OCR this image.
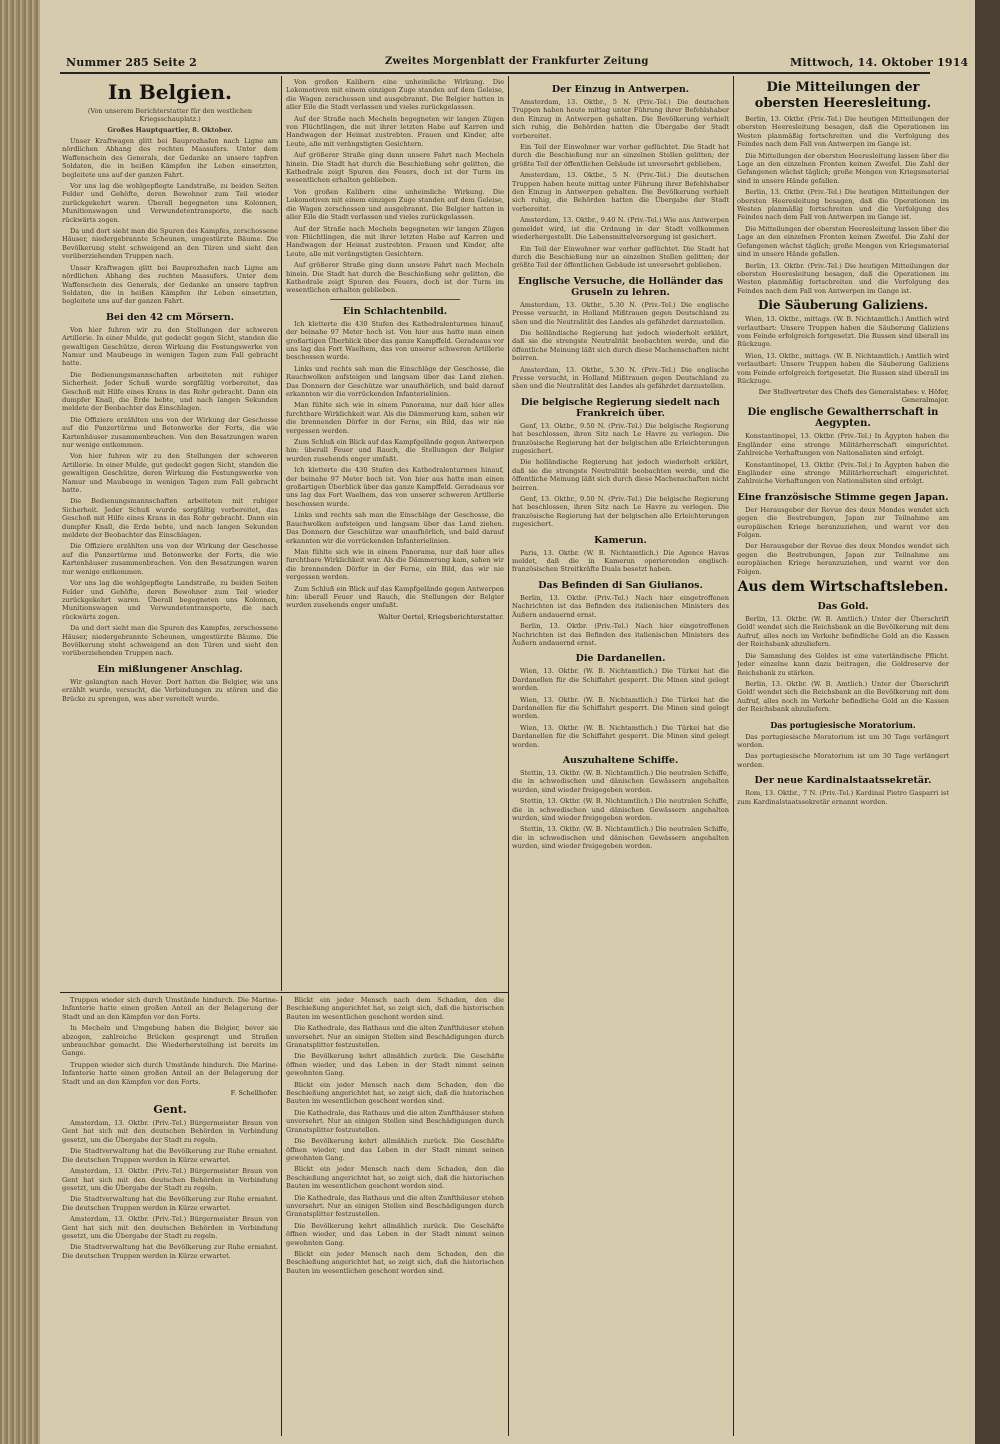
Nummer 285 Seite 2	Zweites Morgenblatt der Frankfurter Zeitung	Mittwoch, 14. Oktober 1914
In Belgien.
(Von unserem Berichterstatter für den westlichen Kriegsschauplatz.)
Großes Hauptquartier, 8. Oktober.

Unser Kraftwagen glitt bei Bauprozhafen nach Ligne am nördlichen Abhang des rechten Maasufers. Unter dem Waffenschein des Generals, der Gedanke an unsere tapfren Soldaten, die in heißen Kämpfen ihr Leben einsetzten, begleitete uns auf der ganzen Fahrt.

Vor uns lag die wohlgepflegte Landstraße, zu beiden Seiten Felder und Gehöfte, deren Bewohner zum Teil wieder zurückgekehrt waren. Überall begegneten uns Kolonnen, Munitionswagen und Verwundetentransporte, die nach rückwärts zogen.

Da und dort sieht man die Spuren des Kampfes, zerschossene Häuser, niedergebrannte Scheunen, umgestürzte Bäume. Die Bevölkerung steht schweigend an den Türen und sieht den vorüberziehenden Truppen nach.

Unser Kraftwagen glitt bei Bauprozhafen nach Ligne am nördlichen Abhang des rechten Maasufers. Unter dem Waffenschein des Generals, der Gedanke an unsere tapfren Soldaten, die in heißen Kämpfen ihr Leben einsetzten, begleitete uns auf der ganzen Fahrt.

Bei den 42 cm Mörsern.

Von hier fuhren wir zu den Stellungen der schweren Artillerie. In einer Mulde, gut gedeckt gegen Sicht, standen die gewaltigen Geschütze, deren Wirkung die Festungswerke von Namur und Maubeuge in wenigen Tagen zum Fall gebracht hatte.

Die Bedienungsmannschaften arbeiteten mit ruhiger Sicherheit. Jeder Schuß wurde sorgfältig vorbereitet, das Geschoß mit Hilfe eines Krans in das Rohr gebracht. Dann ein dumpfer Knall, die Erde bebte, und nach langen Sekunden meldete der Beobachter das Einschlagen.

Die Offiziere erzählten uns von der Wirkung der Geschosse auf die Panzertürme und Betonwerke der Forts, die wie Kartenhäuser zusammenbrachen. Von den Besatzungen waren nur wenige entkommen.

Von hier fuhren wir zu den Stellungen der schweren Artillerie. In einer Mulde, gut gedeckt gegen Sicht, standen die gewaltigen Geschütze, deren Wirkung die Festungswerke von Namur und Maubeuge in wenigen Tagen zum Fall gebracht hatte.

Die Bedienungsmannschaften arbeiteten mit ruhiger Sicherheit. Jeder Schuß wurde sorgfältig vorbereitet, das Geschoß mit Hilfe eines Krans in das Rohr gebracht. Dann ein dumpfer Knall, die Erde bebte, und nach langen Sekunden meldete der Beobachter das Einschlagen.

Die Offiziere erzählten uns von der Wirkung der Geschosse auf die Panzertürme und Betonwerke der Forts, die wie Kartenhäuser zusammenbrachen. Von den Besatzungen waren nur wenige entkommen.

Vor uns lag die wohlgepflegte Landstraße, zu beiden Seiten Felder und Gehöfte, deren Bewohner zum Teil wieder zurückgekehrt waren. Überall begegneten uns Kolonnen, Munitionswagen und Verwundetentransporte, die nach rückwärts zogen.

Da und dort sieht man die Spuren des Kampfes, zerschossene Häuser, niedergebrannte Scheunen, umgestürzte Bäume. Die Bevölkerung steht schweigend an den Türen und sieht den vorüberziehenden Truppen nach.

Ein mißlungener Anschlag.

Wir gelangten nach Hever. Dort hatten die Belgier, wie uns erzählt wurde, versucht, die Verbindungen zu stören und die Brücke zu sprengen, was aber vereitelt wurde.

Von großen Kalibern eine unheimliche Wirkung. Die Lokomotiven mit einem einzigen Zuge standen auf dem Geleise, die Wagen zerschossen und ausgebrannt. Die Belgier hatten in aller Eile die Stadt verlassen und vieles zurückgelassen.

Auf der Straße nach Mecheln begegneten wir langen Zügen von Flüchtlingen, die mit ihrer letzten Habe auf Karren und Handwagen der Heimat zustrebten. Frauen und Kinder, alte Leute, alle mit verängstigten Gesichtern.

Auf größerer Straße ging dann unsere Fahrt nach Mecheln hinein. Die Stadt hat durch die Beschießung sehr gelitten, die Kathedrale zeigt Spuren des Feuers, doch ist der Turm im wesentlichen erhalten geblieben.

Von großen Kalibern eine unheimliche Wirkung. Die Lokomotiven mit einem einzigen Zuge standen auf dem Geleise, die Wagen zerschossen und ausgebrannt. Die Belgier hatten in aller Eile die Stadt verlassen und vieles zurückgelassen.

Auf der Straße nach Mecheln begegneten wir langen Zügen von Flüchtlingen, die mit ihrer letzten Habe auf Karren und Handwagen der Heimat zustrebten. Frauen und Kinder, alte Leute, alle mit verängstigten Gesichtern.

Auf größerer Straße ging dann unsere Fahrt nach Mecheln hinein. Die Stadt hat durch die Beschießung sehr gelitten, die Kathedrale zeigt Spuren des Feuers, doch ist der Turm im wesentlichen erhalten geblieben.

Ein Schlachtenbild.

Ich kletterte die 430 Stufen des Kathedralenturmes hinauf, der beinahe 97 Meter hoch ist. Von hier aus hatte man einen großartigen Überblick über das ganze Kampffeld. Geradeaus vor uns lag das Fort Waelhem, das von unserer schweren Artillerie beschossen wurde.

Links und rechts sah man die Einschläge der Geschosse, die Rauchwolken aufsteigen und langsam über das Land ziehen. Das Donnern der Geschütze war unaufhörlich, und bald darauf erkannten wir die vorrückenden Infanterielinien.

Man fühlte sich wie in einem Panorama, nur daß hier alles furchtbare Wirklichkeit war. Als die Dämmerung kam, sahen wir die brennenden Dörfer in der Ferne, ein Bild, das wir nie vergessen werden.

Zum Schluß ein Blick auf das Kampfgelände gegen Antwerpen hin: überall Feuer und Rauch, die Stellungen der Belgier wurden zusehends enger umfaßt.

Ich kletterte die 430 Stufen des Kathedralenturmes hinauf, der beinahe 97 Meter hoch ist. Von hier aus hatte man einen großartigen Überblick über das ganze Kampffeld. Geradeaus vor uns lag das Fort Waelhem, das von unserer schweren Artillerie beschossen wurde.

Links und rechts sah man die Einschläge der Geschosse, die Rauchwolken aufsteigen und langsam über das Land ziehen. Das Donnern der Geschütze war unaufhörlich, und bald darauf erkannten wir die vorrückenden Infanterielinien.

Man fühlte sich wie in einem Panorama, nur daß hier alles furchtbare Wirklichkeit war. Als die Dämmerung kam, sahen wir die brennenden Dörfer in der Ferne, ein Bild, das wir nie vergessen werden.

Zum Schluß ein Blick auf das Kampfgelände gegen Antwerpen hin: überall Feuer und Rauch, die Stellungen der Belgier wurden zusehends enger umfaßt.

Walter Oertel, Kriegsberichterstatter.
Der Einzug in Antwerpen.

Amsterdam, 13. Oktbr., 5 N. (Priv.-Tel.) Die deutschen Truppen haben heute mittag unter Führung ihrer Befehlshaber den Einzug in Antwerpen gehalten. Die Bevölkerung verhielt sich ruhig, die Behörden hatten die Übergabe der Stadt vorbereitet.

Ein Teil der Einwohner war vorher geflüchtet. Die Stadt hat durch die Beschießung nur an einzelnen Stellen gelitten; der größte Teil der öffentlichen Gebäude ist unversehrt geblieben.

Amsterdam, 13. Oktbr., 5 N. (Priv.-Tel.) Die deutschen Truppen haben heute mittag unter Führung ihrer Befehlshaber den Einzug in Antwerpen gehalten. Die Bevölkerung verhielt sich ruhig, die Behörden hatten die Übergabe der Stadt vorbereitet.

Amsterdam, 13. Oktbr., 9.40 N. (Priv.-Tel.) Wie aus Antwerpen gemeldet wird, ist die Ordnung in der Stadt vollkommen wiederhergestellt. Die Lebensmittelversorgung ist gesichert.

Ein Teil der Einwohner war vorher geflüchtet. Die Stadt hat durch die Beschießung nur an einzelnen Stellen gelitten; der größte Teil der öffentlichen Gebäude ist unversehrt geblieben.

Englische Versuche, die Holländer das Gruseln zu lehren.

Amsterdam, 13. Oktbr., 5.30 N. (Priv.-Tel.) Die englische Presse versucht, in Holland Mißtrauen gegen Deutschland zu säen und die Neutralität des Landes als gefährdet darzustellen.

Die holländische Regierung hat jedoch wiederholt erklärt, daß sie die strengste Neutralität beobachten werde, und die öffentliche Meinung läßt sich durch diese Machenschaften nicht beirren.

Amsterdam, 13. Oktbr., 5.30 N. (Priv.-Tel.) Die englische Presse versucht, in Holland Mißtrauen gegen Deutschland zu säen und die Neutralität des Landes als gefährdet darzustellen.

Die belgische Regierung siedelt nach Frankreich über.

Genf, 13. Oktbr., 9.50 N. (Priv.-Tel.) Die belgische Regierung hat beschlossen, ihren Sitz nach Le Havre zu verlegen. Die französische Regierung hat der belgischen alle Erleichterungen zugesichert.

Die holländische Regierung hat jedoch wiederholt erklärt, daß sie die strengste Neutralität beobachten werde, und die öffentliche Meinung läßt sich durch diese Machenschaften nicht beirren.

Genf, 13. Oktbr., 9.50 N. (Priv.-Tel.) Die belgische Regierung hat beschlossen, ihren Sitz nach Le Havre zu verlegen. Die französische Regierung hat der belgischen alle Erleichterungen zugesichert.

Kamerun.

Paris, 13. Oktbr. (W. B. Nichtamtlich.) Die Agence Havas meldet, daß die in Kamerun operierenden englisch-französischen Streitkräfte Duala besetzt haben.

Das Befinden di San Giulianos.

Berlin, 13. Oktbr. (Priv.-Tel.) Nach hier eingetroffenen Nachrichten ist das Befinden des italienischen Ministers des Äußern andauernd ernst.

Berlin, 13. Oktbr. (Priv.-Tel.) Nach hier eingetroffenen Nachrichten ist das Befinden des italienischen Ministers des Äußern andauernd ernst.

Die Dardanellen.

Wien, 13. Oktbr. (W. B. Nichtamtlich.) Die Türkei hat die Dardanellen für die Schiffahrt gesperrt. Die Minen sind gelegt worden.

Wien, 13. Oktbr. (W. B. Nichtamtlich.) Die Türkei hat die Dardanellen für die Schiffahrt gesperrt. Die Minen sind gelegt worden.

Wien, 13. Oktbr. (W. B. Nichtamtlich.) Die Türkei hat die Dardanellen für die Schiffahrt gesperrt. Die Minen sind gelegt worden.

Auszuhaltene Schiffe.

Stettin, 13. Oktbr. (W. B. Nichtamtlich.) Die neutralen Schiffe, die in schwedischen und dänischen Gewässern angehalten wurden, sind wieder freigegeben worden.

Stettin, 13. Oktbr. (W. B. Nichtamtlich.) Die neutralen Schiffe, die in schwedischen und dänischen Gewässern angehalten wurden, sind wieder freigegeben worden.

Stettin, 13. Oktbr. (W. B. Nichtamtlich.) Die neutralen Schiffe, die in schwedischen und dänischen Gewässern angehalten wurden, sind wieder freigegeben worden.

Die Mitteilungen der obersten Heeresleitung.

Berlin, 13. Oktbr. (Priv.-Tel.) Die heutigen Mitteilungen der obersten Heeresleitung besagen, daß die Operationen im Westen planmäßig fortschreiten und die Verfolgung des Feindes nach dem Fall von Antwerpen im Gange ist.

Die Mitteilungen der obersten Heeresleitung lassen über die Lage an den einzelnen Fronten keinen Zweifel. Die Zahl der Gefangenen wächst täglich; große Mengen von Kriegsmaterial sind in unsere Hände gefallen.

Berlin, 13. Oktbr. (Priv.-Tel.) Die heutigen Mitteilungen der obersten Heeresleitung besagen, daß die Operationen im Westen planmäßig fortschreiten und die Verfolgung des Feindes nach dem Fall von Antwerpen im Gange ist.

Die Mitteilungen der obersten Heeresleitung lassen über die Lage an den einzelnen Fronten keinen Zweifel. Die Zahl der Gefangenen wächst täglich; große Mengen von Kriegsmaterial sind in unsere Hände gefallen.

Berlin, 13. Oktbr. (Priv.-Tel.) Die heutigen Mitteilungen der obersten Heeresleitung besagen, daß die Operationen im Westen planmäßig fortschreiten und die Verfolgung des Feindes nach dem Fall von Antwerpen im Gange ist.

Die Säuberung Galiziens.

Wien, 13. Oktbr., mittags. (W. B. Nichtamtlich.) Amtlich wird verlautbart: Unsere Truppen haben die Säuberung Galiziens vom Feinde erfolgreich fortgesetzt. Die Russen sind überall im Rückzuge.

Wien, 13. Oktbr., mittags. (W. B. Nichtamtlich.) Amtlich wird verlautbart: Unsere Truppen haben die Säuberung Galiziens vom Feinde erfolgreich fortgesetzt. Die Russen sind überall im Rückzuge.

Der Stellvertreter des Chefs des Generalstabes: v. Höfer, Generalmajor.
Die englische Gewaltherrschaft in Aegypten.

Konstantinopel, 13. Oktbr. (Priv.-Tel.) In Ägypten haben die Engländer eine strenge Militärherrschaft eingerichtet. Zahlreiche Verhaftungen von Nationalisten sind erfolgt.

Konstantinopel, 13. Oktbr. (Priv.-Tel.) In Ägypten haben die Engländer eine strenge Militärherrschaft eingerichtet. Zahlreiche Verhaftungen von Nationalisten sind erfolgt.

Eine französische Stimme gegen Japan.

Der Herausgeber der Revue des deux Mondes wendet sich gegen die Bestrebungen, Japan zur Teilnahme am europäischen Kriege heranzuziehen, und warnt vor den Folgen.

Der Herausgeber der Revue des deux Mondes wendet sich gegen die Bestrebungen, Japan zur Teilnahme am europäischen Kriege heranzuziehen, und warnt vor den Folgen.

Aus dem Wirtschaftsleben.
Das Gold.

Berlin, 13. Oktbr. (W. B. Amtlich.) Unter der Überschrift Gold! wendet sich die Reichsbank an die Bevölkerung mit dem Aufruf, alles noch im Verkehr befindliche Gold an die Kassen der Reichsbank abzuliefern.

Die Sammlung des Goldes ist eine vaterländische Pflicht. Jeder einzelne kann dazu beitragen, die Goldreserve der Reichsbank zu stärken.

Berlin, 13. Oktbr. (W. B. Amtlich.) Unter der Überschrift Gold! wendet sich die Reichsbank an die Bevölkerung mit dem Aufruf, alles noch im Verkehr befindliche Gold an die Kassen der Reichsbank abzuliefern.

Das portugiesische Moratorium.

Das portugiesische Moratorium ist um 30 Tage verlängert worden.

Das portugiesische Moratorium ist um 30 Tage verlängert worden.

Der neue Kardinalstaatssekretär.

Rom, 13. Oktbr., 7 N. (Priv.-Tel.) Kardinal Pietro Gasparri ist zum Kardinalstaatssekretär ernannt worden.

Truppen wieder sich durch Umstände hindurch. Die Marine-Infanterie hatte einen großen Anteil an der Belagerung der Stadt und an den Kämpfen vor den Forts.

In Mecheln und Umgebung haben die Belgier, bevor sie abzogen, zahlreiche Brücken gesprengt und Straßen unbrauchbar gemacht. Die Wiederherstellung ist bereits im Gange.

Truppen wieder sich durch Umstände hindurch. Die Marine-Infanterie hatte einen großen Anteil an der Belagerung der Stadt und an den Kämpfen vor den Forts.

F. Schellhofer.
Gent.

Amsterdam, 13. Oktbr. (Priv.-Tel.) Bürgermeister Braun von Gent hat sich mit den deutschen Behörden in Verbindung gesetzt, um die Übergabe der Stadt zu regeln.

Die Stadtverwaltung hat die Bevölkerung zur Ruhe ermahnt. Die deutschen Truppen werden in Kürze erwartet.

Amsterdam, 13. Oktbr. (Priv.-Tel.) Bürgermeister Braun von Gent hat sich mit den deutschen Behörden in Verbindung gesetzt, um die Übergabe der Stadt zu regeln.

Die Stadtverwaltung hat die Bevölkerung zur Ruhe ermahnt. Die deutschen Truppen werden in Kürze erwartet.

Amsterdam, 13. Oktbr. (Priv.-Tel.) Bürgermeister Braun von Gent hat sich mit den deutschen Behörden in Verbindung gesetzt, um die Übergabe der Stadt zu regeln.

Die Stadtverwaltung hat die Bevölkerung zur Ruhe ermahnt. Die deutschen Truppen werden in Kürze erwartet.

Blickt ein jeder Mensch nach dem Schaden, den die Beschießung angerichtet hat, so zeigt sich, daß die historischen Bauten im wesentlichen geschont worden sind.

Die Kathedrale, das Rathaus und die alten Zunfthäuser stehen unversehrt. Nur an einigen Stellen sind Beschädigungen durch Granatsplitter festzustellen.

Die Bevölkerung kehrt allmählich zurück. Die Geschäfte öffnen wieder, und das Leben in der Stadt nimmt seinen gewohnten Gang.

Blickt ein jeder Mensch nach dem Schaden, den die Beschießung angerichtet hat, so zeigt sich, daß die historischen Bauten im wesentlichen geschont worden sind.

Die Kathedrale, das Rathaus und die alten Zunfthäuser stehen unversehrt. Nur an einigen Stellen sind Beschädigungen durch Granatsplitter festzustellen.

Die Bevölkerung kehrt allmählich zurück. Die Geschäfte öffnen wieder, und das Leben in der Stadt nimmt seinen gewohnten Gang.

Blickt ein jeder Mensch nach dem Schaden, den die Beschießung angerichtet hat, so zeigt sich, daß die historischen Bauten im wesentlichen geschont worden sind.

Die Kathedrale, das Rathaus und die alten Zunfthäuser stehen unversehrt. Nur an einigen Stellen sind Beschädigungen durch Granatsplitter festzustellen.

Die Bevölkerung kehrt allmählich zurück. Die Geschäfte öffnen wieder, und das Leben in der Stadt nimmt seinen gewohnten Gang.

Blickt ein jeder Mensch nach dem Schaden, den die Beschießung angerichtet hat, so zeigt sich, daß die historischen Bauten im wesentlichen geschont worden sind.
